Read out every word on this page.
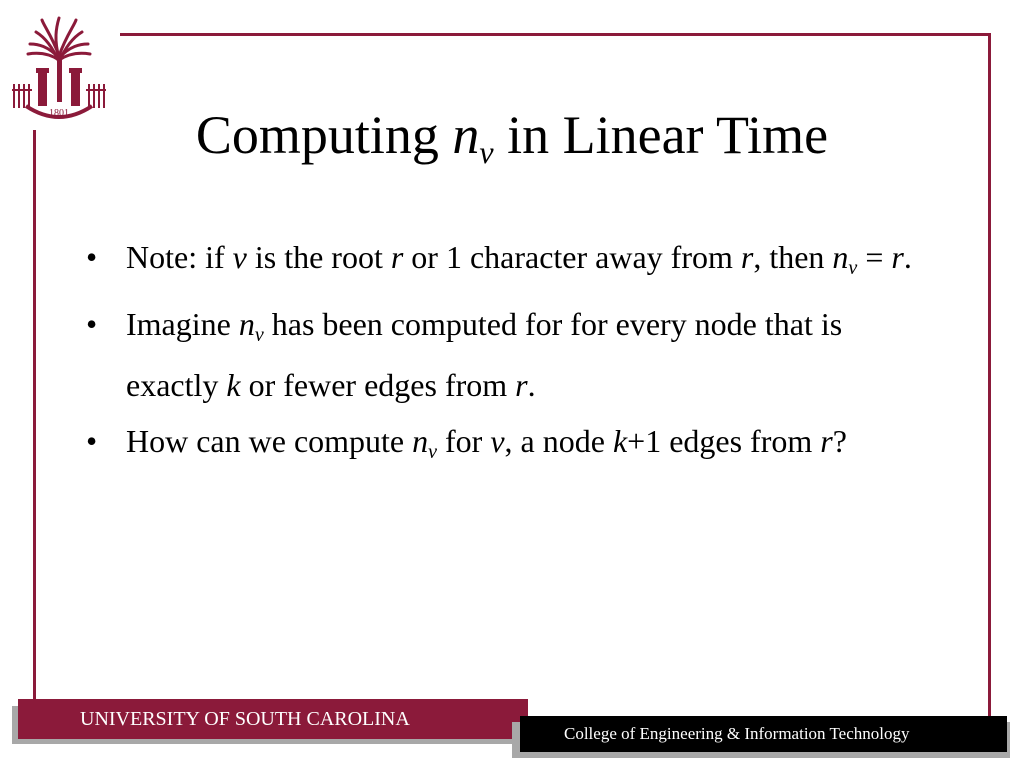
1801	Computing $n_v$ in Linear Time
• Note: if v is the root r or 1 character away from r, then $n_v = r$.
• Imagine $n_v$ has been computed for for every node that is exactly k or fewer edges from r.
• How can we compute $n_v$ for v, a node k+1 edges from r?
UNIVERSITY OF SOUTH CAROLINA
College of Engineering & Information Technology
